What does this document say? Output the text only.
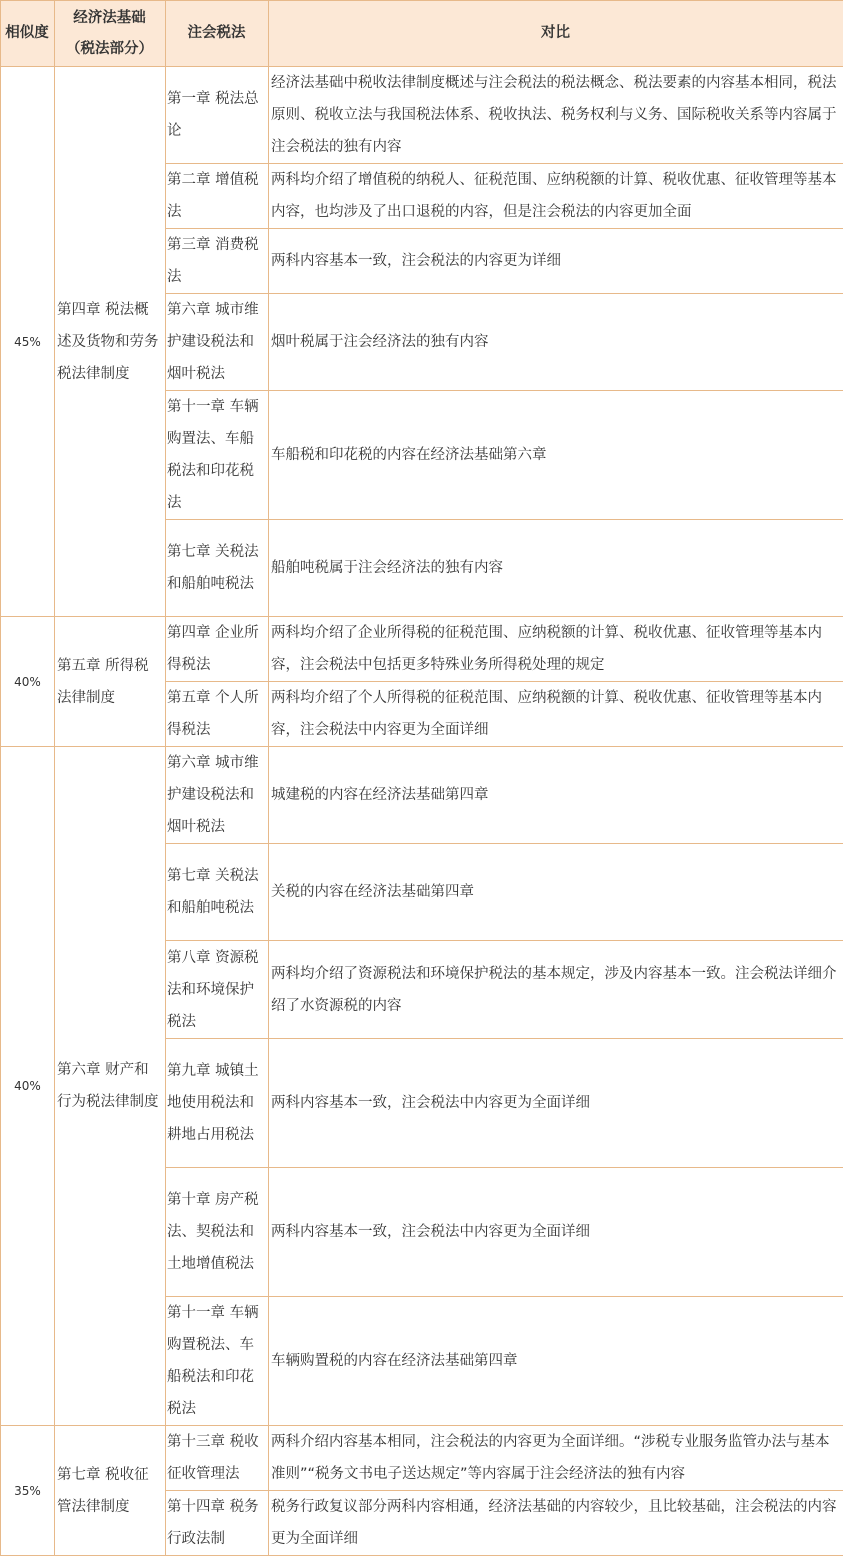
相似度	经济法基础
（税法部分）	注会税法	对比
45%	第四章 税法概述及货物和劳务税法律制度	第一章 税法总论	经济法基础中税收法律制度概述与注会税法的税法概念、税法要素的内容基本相同，税法原则、税收立法与我国税法体系、税收执法、税务权利与义务、国际税收关系等内容属于注会税法的独有内容
		第二章 增值税法	两科均介绍了增值税的纳税人、征税范围、应纳税额的计算、税收优惠、征收管理等基本内容，也均涉及了出口退税的内容，但是注会税法的内容更加全面
		第三章 消费税法	两科内容基本一致，注会税法的内容更为详细
		第六章 城市维护建设税法和烟叶税法	烟叶税属于注会经济法的独有内容
		第十一章 车辆购置法、车船税法和印花税法	车船税和印花税的内容在经济法基础第六章
		第七章 关税法和船舶吨税法	船舶吨税属于注会经济法的独有内容
40%	第五章 所得税法律制度	第四章 企业所得税法	两科均介绍了企业所得税的征税范围、应纳税额的计算、税收优惠、征收管理等基本内容，注会税法中包括更多特殊业务所得税处理的规定
		第五章 个人所得税法	两科均介绍了个人所得税的征税范围、应纳税额的计算、税收优惠、征收管理等基本内容，注会税法中内容更为全面详细
40%	第六章 财产和行为税法律制度	第六章 城市维护建设税法和烟叶税法	城建税的内容在经济法基础第四章
		第七章 关税法和船舶吨税法	关税的内容在经济法基础第四章
		第八章 资源税法和环境保护税法	两科均介绍了资源税法和环境保护税法的基本规定，涉及内容基本一致。注会税法详细介绍了水资源税的内容
		第九章 城镇土地使用税法和耕地占用税法	两科内容基本一致，注会税法中内容更为全面详细
		第十章 房产税法、契税法和土地增值税法	两科内容基本一致，注会税法中内容更为全面详细
		第十一章 车辆购置税法、车船税法和印花税法	车辆购置税的内容在经济法基础第四章
35%	第七章 税收征管法律制度	第十三章 税收征收管理法	两科介绍内容基本相同，注会税法的内容更为全面详细。“涉税专业服务监管办法与基本准则”“税务文书电子送达规定”等内容属于注会经济法的独有内容
		第十四章 税务行政法制	税务行政复议部分两科内容相通，经济法基础的内容较少，且比较基础，注会税法的内容更为全面详细
